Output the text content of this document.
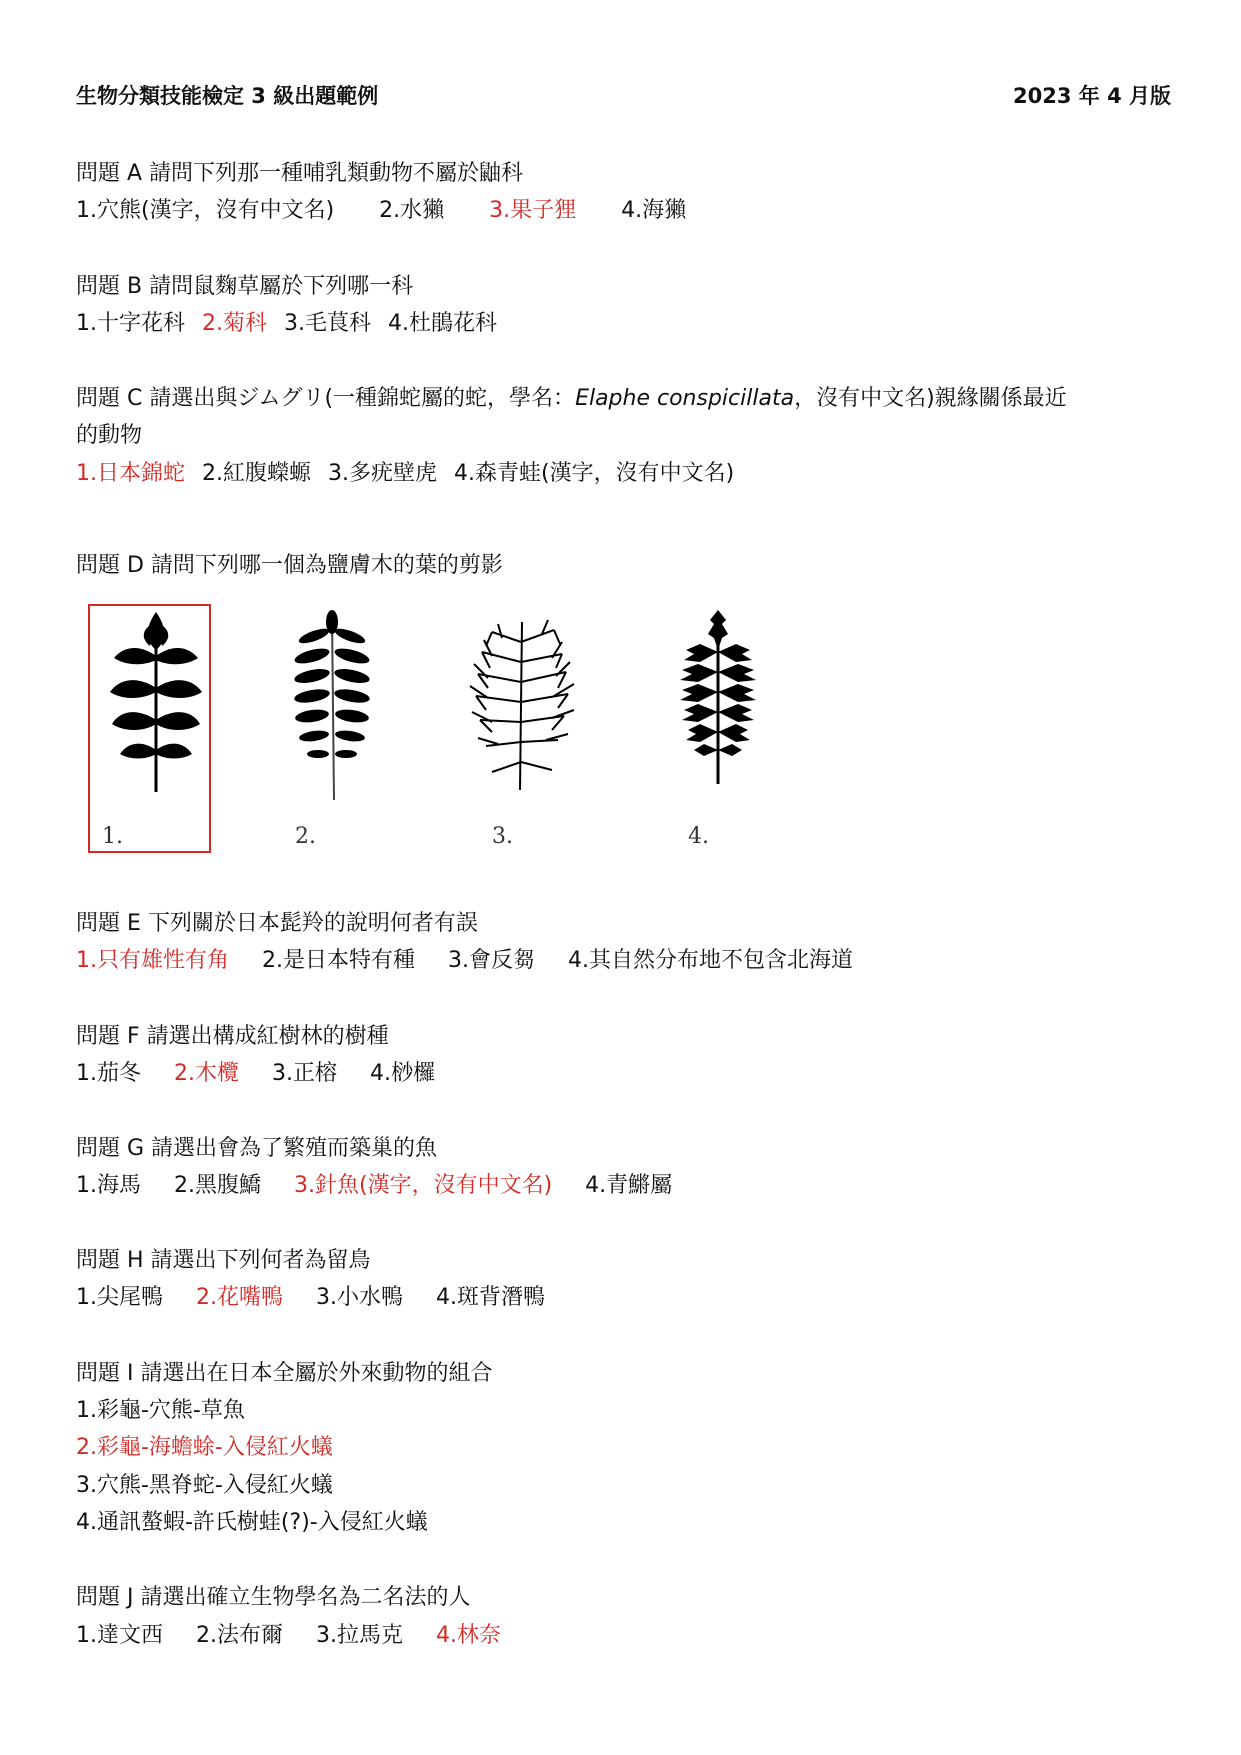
生物分類技能檢定 3 級出題範例	2023 年 4 月版
問題 A 請問下列那一種哺乳類動物不屬於鼬科
1.穴熊(漢字，沒有中文名) 2.水獺 3.果子狸 4.海獺
問題 B 請問鼠麴草屬於下列哪一科
1.十字花科 2.菊科 3.毛茛科 4.杜鵑花科
問題 C 請選出與ジムグリ(一種錦蛇屬的蛇，學名：Elaphe conspicillata，沒有中文名)親緣關係最近
的動物
1.日本錦蛇 2.紅腹蠑螈 3.多疣壁虎 4.森青蛙(漢字，沒有中文名)
問題 D 請問下列哪一個為鹽膚木的葉的剪影
1.	2.	3.	4.
問題 E 下列關於日本髭羚的說明何者有誤
1.只有雄性有角 2.是日本特有種 3.會反芻 4.其自然分布地不包含北海道
問題 F 請選出構成紅樹林的樹種
1.茄冬 2.木欖 3.正榕 4.桫欏
問題 G 請選出會為了繁殖而築巢的魚
1.海馬 2.黑腹鱎 3.針魚(漢字，沒有中文名) 4.青鱂屬
問題 H 請選出下列何者為留鳥
1.尖尾鴨 2.花嘴鴨 3.小水鴨 4.斑背潛鴨
問題 I 請選出在日本全屬於外來動物的組合
1.彩龜-穴熊-草魚
2.彩龜-海蟾蜍-入侵紅火蟻
3.穴熊-黑脊蛇-入侵紅火蟻
4.通訊螯蝦-許氏樹蛙(?)-入侵紅火蟻
問題 J 請選出確立生物學名為二名法的人
1.達文西 2.法布爾 3.拉馬克 4.林奈
